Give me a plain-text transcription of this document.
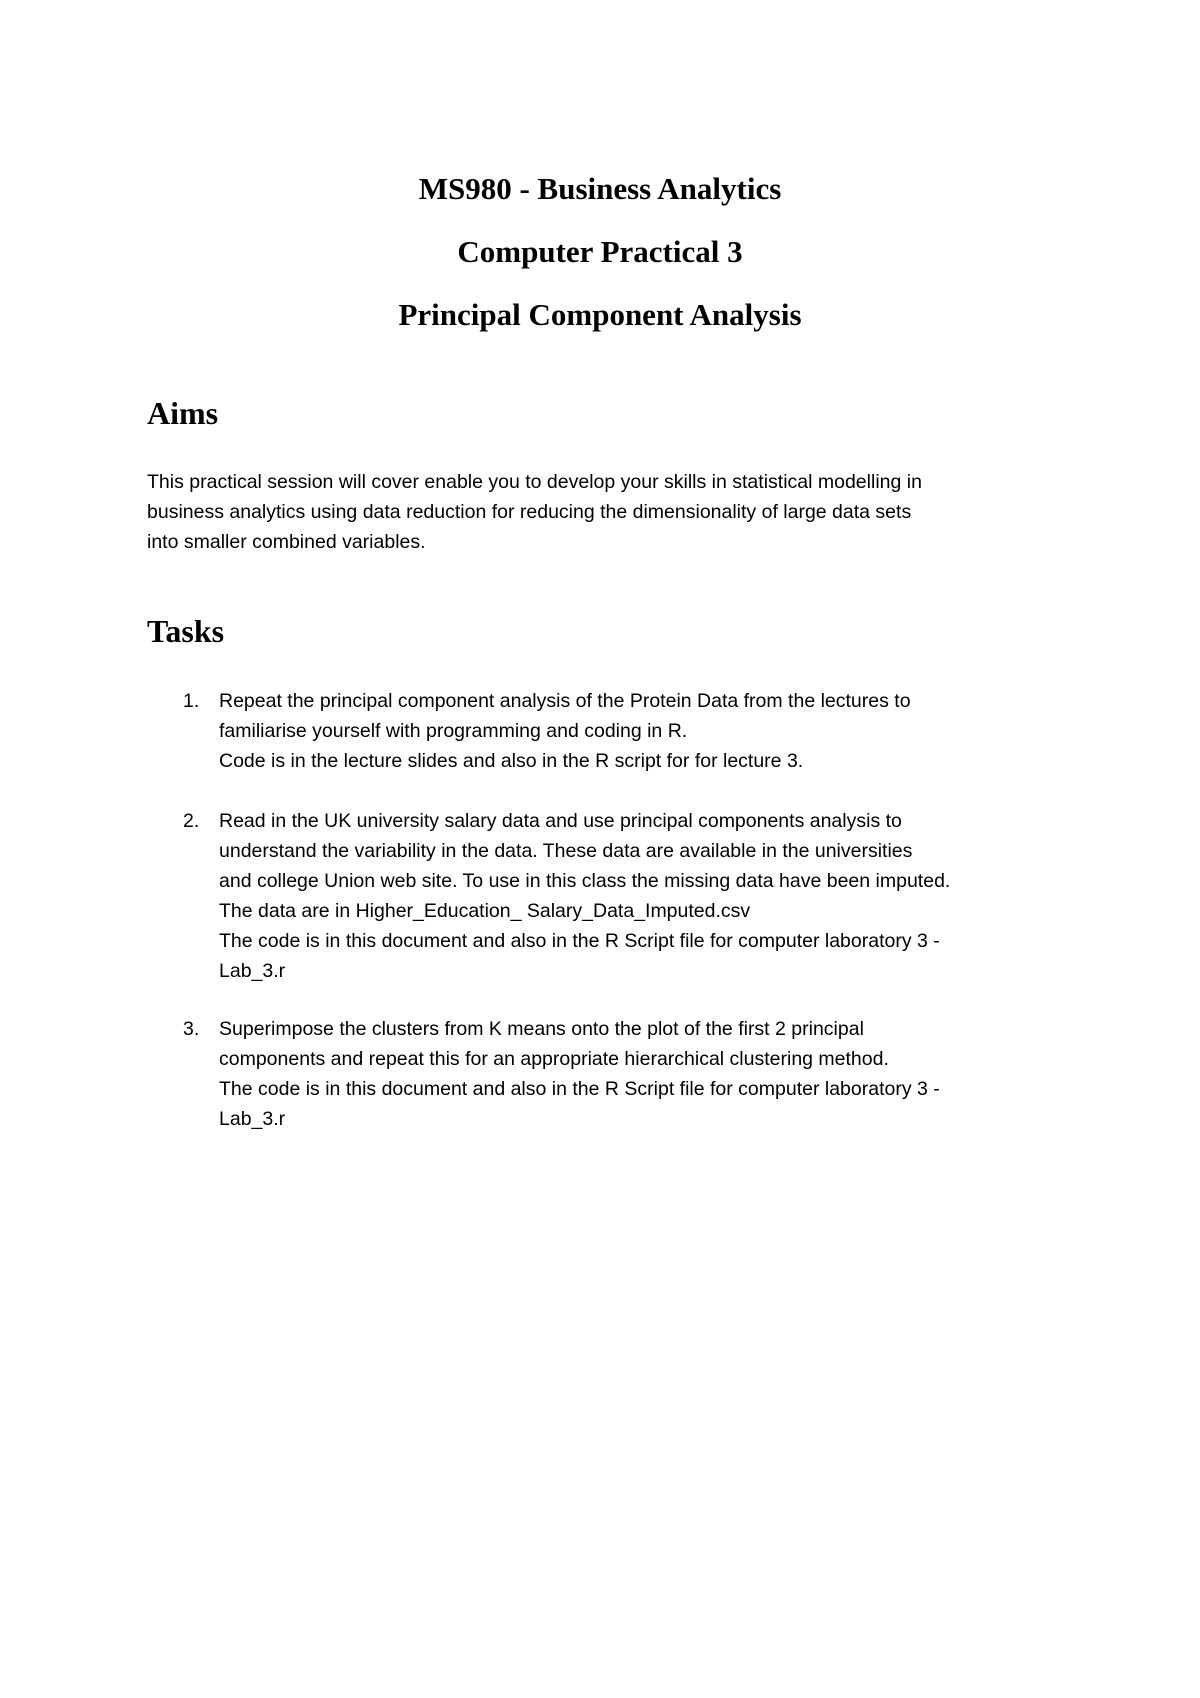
MS980 - Business Analytics
Computer Practical 3
Principal Component Analysis
Aims
This practical session will cover enable you to develop your skills in statistical modelling in
business analytics using data reduction for reducing the dimensionality of large data sets
into smaller combined variables.
Tasks
1.	Repeat the principal component analysis of the Protein Data from the lectures to
familiarise yourself with programming and coding in R.
Code is in the lecture slides and also in the R script for for lecture 3.
2.	Read in the UK university salary data and use principal components analysis to
understand the variability in the data. These data are available in the universities
and college Union web site. To use in this class the missing data have been imputed.
The data are in Higher_Education_ Salary_Data_Imputed.csv
The code is in this document and also in the R Script file for computer laboratory 3 -
Lab_3.r
3.	Superimpose the clusters from K means onto the plot of the first 2 principal
components and repeat this for an appropriate hierarchical clustering method.
The code is in this document and also in the R Script file for computer laboratory 3 -
Lab_3.r
